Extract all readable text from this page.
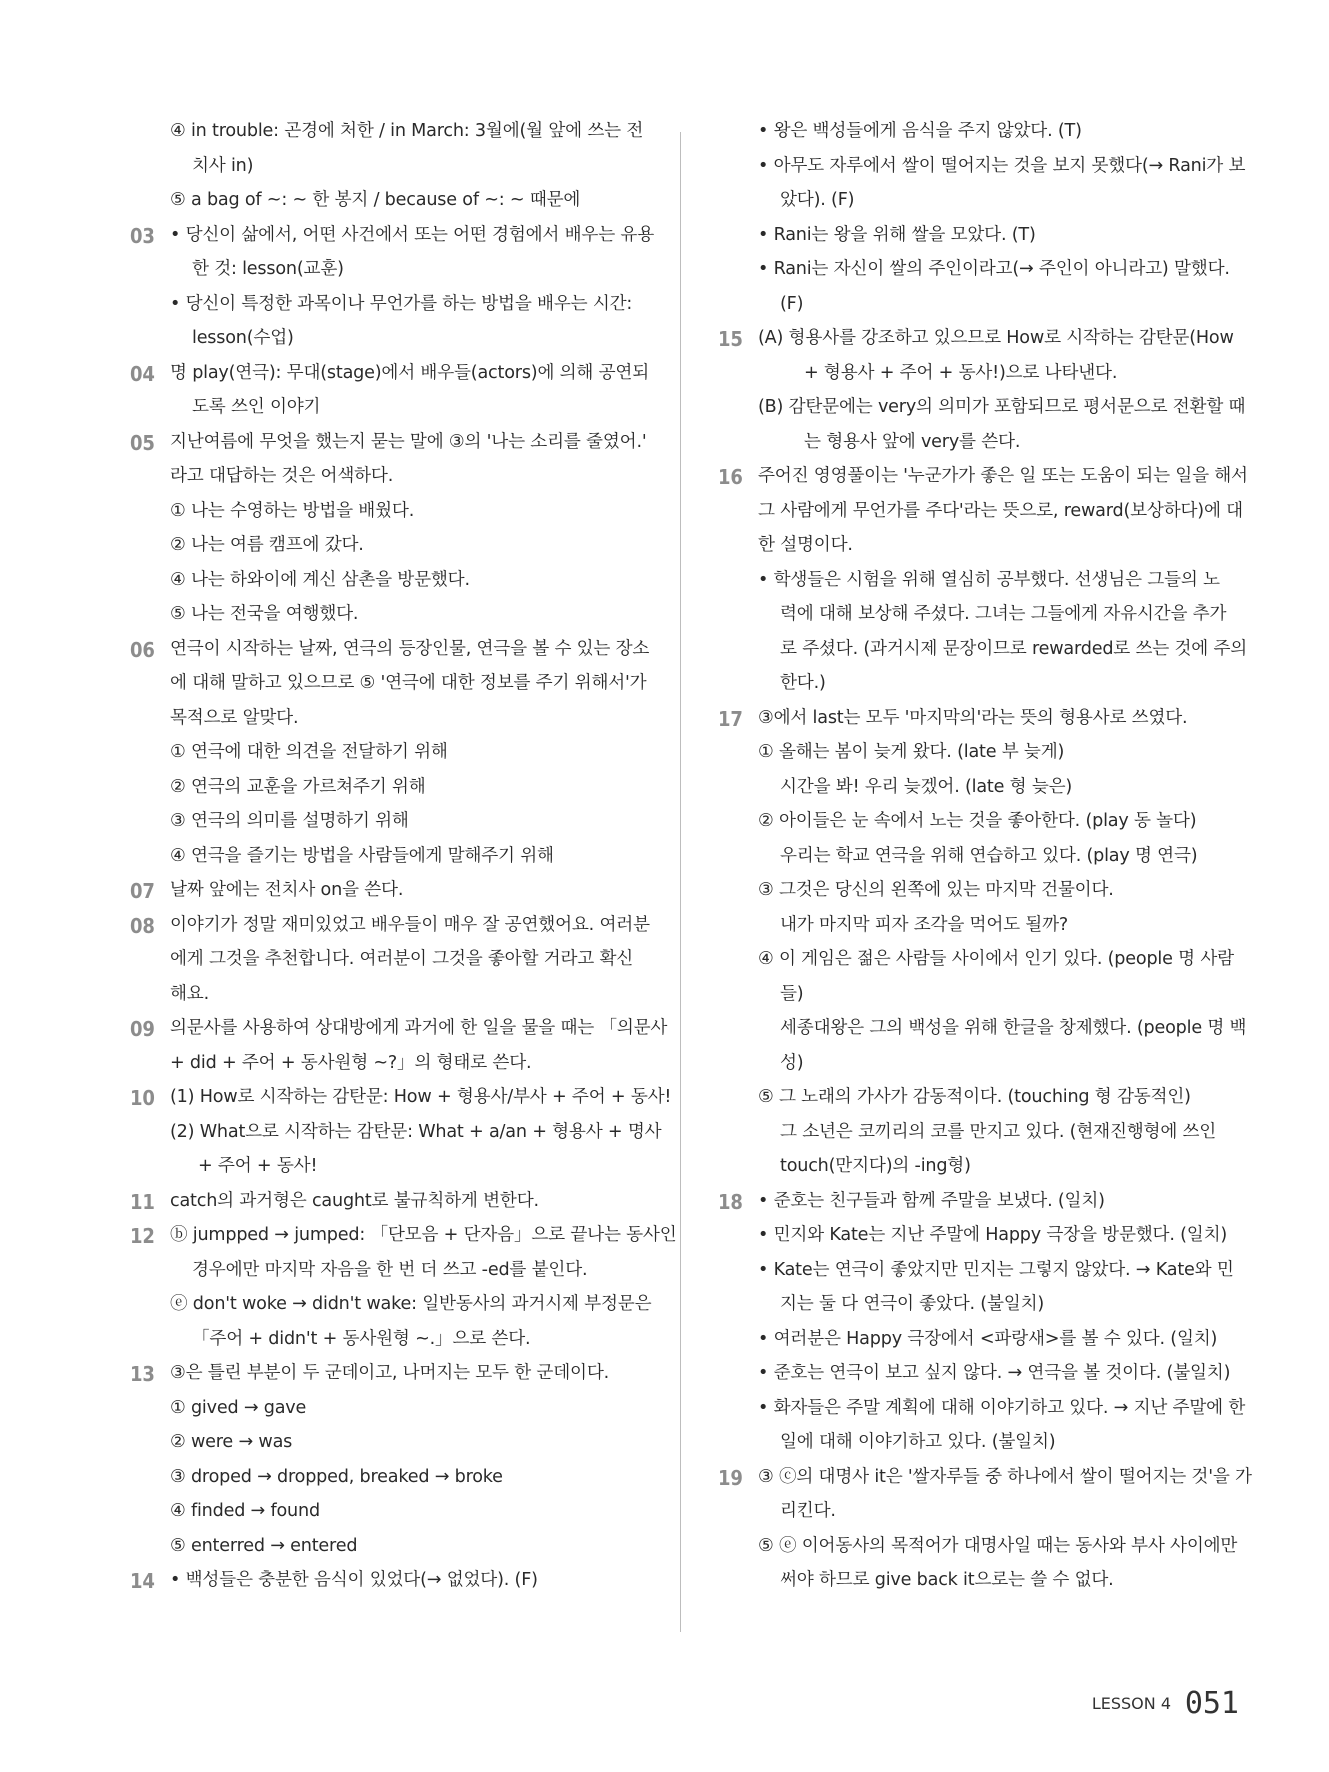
④ in trouble: 곤경에 처한 / in March: 3월에(월 앞에 쓰는 전
치사 in)
⑤ a bag of ~: ~ 한 봉지 / because of ~: ~ 때문에
03 • 당신이 삶에서, 어떤 사건에서 또는 어떤 경험에서 배우는 유용
한 것: lesson(교훈)
• 당신이 특정한 과목이나 무언가를 하는 방법을 배우는 시간:
lesson(수업)
04 명 play(연극): 무대(stage)에서 배우들(actors)에 의해 공연되
도록 쓰인 이야기
05 지난여름에 무엇을 했는지 묻는 말에 ③의 '나는 소리를 줄였어.'
라고 대답하는 것은 어색하다.
① 나는 수영하는 방법을 배웠다.
② 나는 여름 캠프에 갔다.
④ 나는 하와이에 계신 삼촌을 방문했다.
⑤ 나는 전국을 여행했다.
06 연극이 시작하는 날짜, 연극의 등장인물, 연극을 볼 수 있는 장소
에 대해 말하고 있으므로 ⑤ '연극에 대한 정보를 주기 위해서'가
목적으로 알맞다.
① 연극에 대한 의견을 전달하기 위해
② 연극의 교훈을 가르쳐주기 위해
③ 연극의 의미를 설명하기 위해
④ 연극을 즐기는 방법을 사람들에게 말해주기 위해
07 날짜 앞에는 전치사 on을 쓴다.
08 이야기가 정말 재미있었고 배우들이 매우 잘 공연했어요. 여러분
에게 그것을 추천합니다. 여러분이 그것을 좋아할 거라고 확신
해요.
09 의문사를 사용하여 상대방에게 과거에 한 일을 물을 때는 「의문사
+ did + 주어 + 동사원형 ~?」의 형태로 쓴다.
10 (1) How로 시작하는 감탄문: How + 형용사/부사 + 주어 + 동사!
(2) What으로 시작하는 감탄문: What + a/an + 형용사 + 명사
+ 주어 + 동사!
11 catch의 과거형은 caught로 불규칙하게 변한다.
12 ⓑ jumpped → jumped: 「단모음 + 단자음」으로 끝나는 동사인
경우에만 마지막 자음을 한 번 더 쓰고 -ed를 붙인다.
ⓔ don't woke → didn't wake: 일반동사의 과거시제 부정문은
「주어 + didn't + 동사원형 ~.」으로 쓴다.
13 ③은 틀린 부분이 두 군데이고, 나머지는 모두 한 군데이다.
① gived → gave
② were → was
③ droped → dropped, breaked → broke
④ finded → found
⑤ enterred → entered
14 • 백성들은 충분한 음식이 있었다(→ 없었다). (F)
• 왕은 백성들에게 음식을 주지 않았다. (T)
• 아무도 자루에서 쌀이 떨어지는 것을 보지 못했다(→ Rani가 보
았다). (F)
• Rani는 왕을 위해 쌀을 모았다. (T)
• Rani는 자신이 쌀의 주인이라고(→ 주인이 아니라고) 말했다.
(F)
15 (A) 형용사를 강조하고 있으므로 How로 시작하는 감탄문(How
+ 형용사 + 주어 + 동사!)으로 나타낸다.
(B) 감탄문에는 very의 의미가 포함되므로 평서문으로 전환할 때
는 형용사 앞에 very를 쓴다.
16 주어진 영영풀이는 '누군가가 좋은 일 또는 도움이 되는 일을 해서
그 사람에게 무언가를 주다'라는 뜻으로, reward(보상하다)에 대
한 설명이다.
• 학생들은 시험을 위해 열심히 공부했다. 선생님은 그들의 노
력에 대해 보상해 주셨다. 그녀는 그들에게 자유시간을 추가
로 주셨다. (과거시제 문장이므로 rewarded로 쓰는 것에 주의
한다.)
17 ③에서 last는 모두 '마지막의'라는 뜻의 형용사로 쓰였다.
① 올해는 봄이 늦게 왔다. (late 부 늦게)
시간을 봐! 우리 늦겠어. (late 형 늦은)
② 아이들은 눈 속에서 노는 것을 좋아한다. (play 동 놀다)
우리는 학교 연극을 위해 연습하고 있다. (play 명 연극)
③ 그것은 당신의 왼쪽에 있는 마지막 건물이다.
내가 마지막 피자 조각을 먹어도 될까?
④ 이 게임은 젊은 사람들 사이에서 인기 있다. (people 명 사람
들)
세종대왕은 그의 백성을 위해 한글을 창제했다. (people 명 백
성)
⑤ 그 노래의 가사가 감동적이다. (touching 형 감동적인)
그 소년은 코끼리의 코를 만지고 있다. (현재진행형에 쓰인
touch(만지다)의 -ing형)
18 • 준호는 친구들과 함께 주말을 보냈다. (일치)
• 민지와 Kate는 지난 주말에 Happy 극장을 방문했다. (일치)
• Kate는 연극이 좋았지만 민지는 그렇지 않았다. → Kate와 민
지는 둘 다 연극이 좋았다. (불일치)
• 여러분은 Happy 극장에서 <파랑새>를 볼 수 있다. (일치)
• 준호는 연극이 보고 싶지 않다. → 연극을 볼 것이다. (불일치)
• 화자들은 주말 계획에 대해 이야기하고 있다. → 지난 주말에 한
일에 대해 이야기하고 있다. (불일치)
19 ③ ⓒ의 대명사 it은 '쌀자루들 중 하나에서 쌀이 떨어지는 것'을 가
리킨다.
⑤ ⓔ 이어동사의 목적어가 대명사일 때는 동사와 부사 사이에만
써야 하므로 give back it으로는 쓸 수 없다.
LESSON 4 051
